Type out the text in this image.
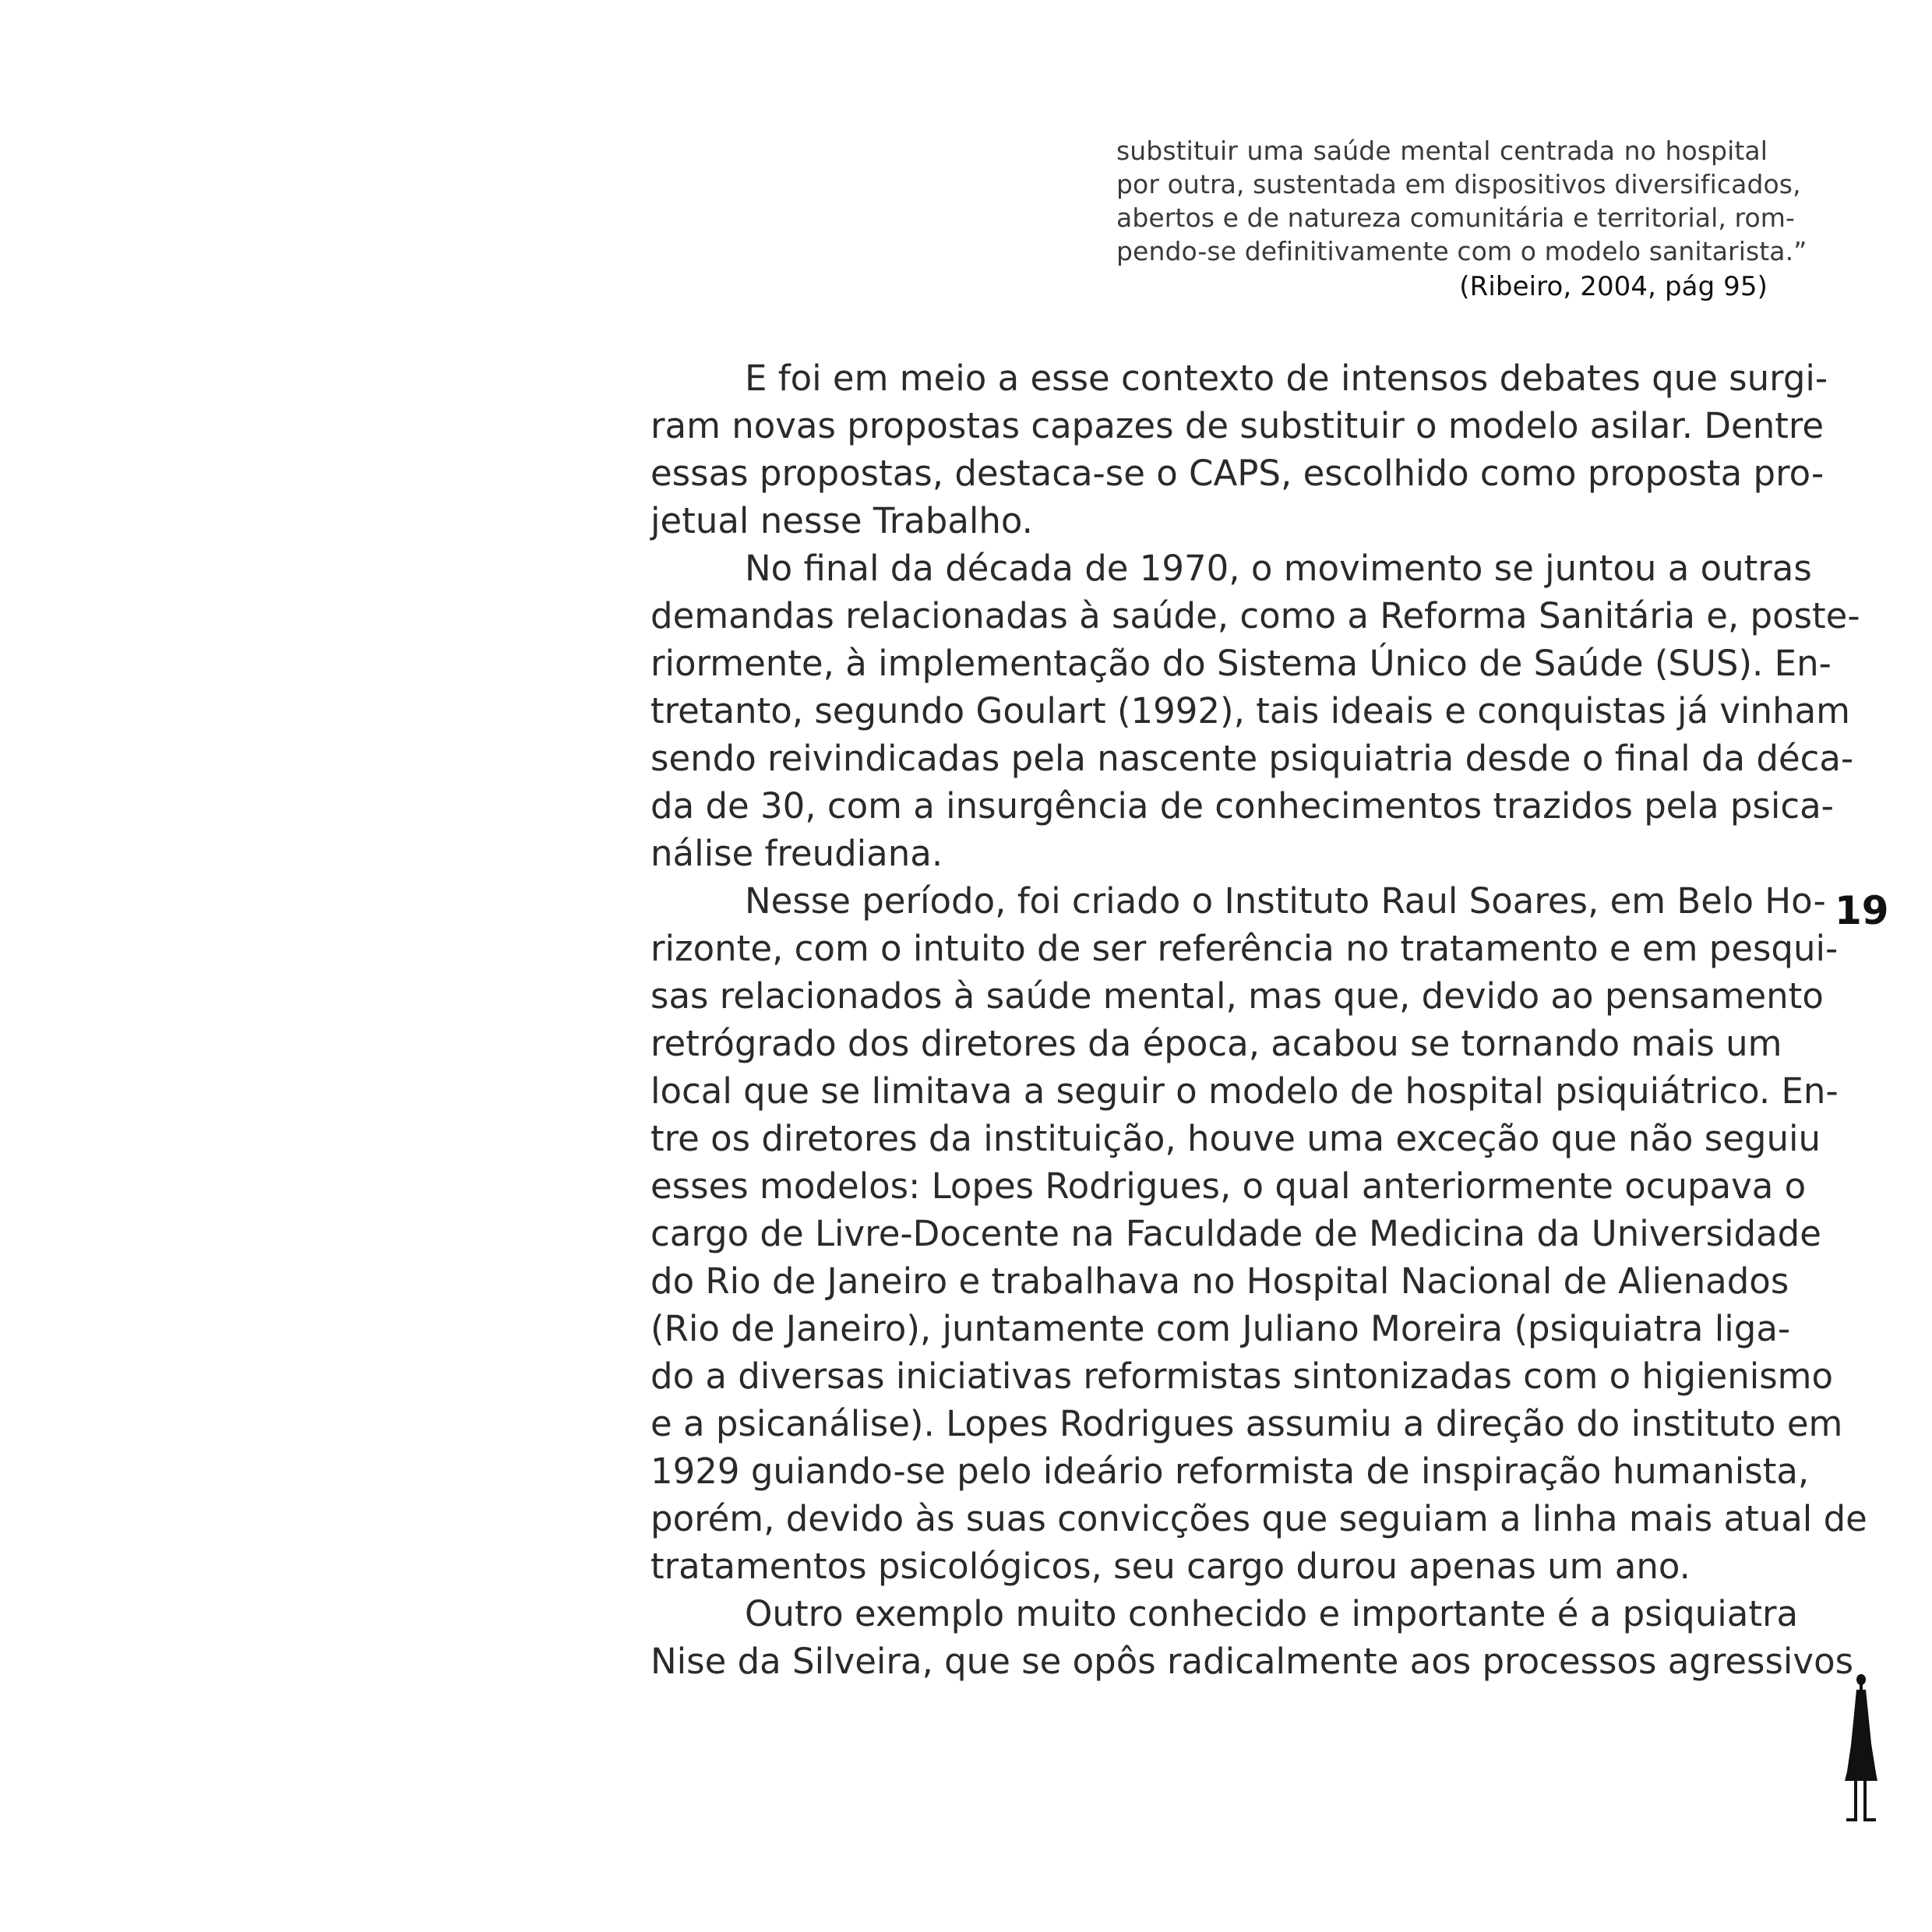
substituir uma saúde mental centrada no hospital
por outra, sustentada em dispositivos diversificados,
abertos e de natureza comunitária e territorial, rom-
pendo-se definitivamente com o modelo sanitarista.”
(Ribeiro, 2004, pág 95)
E foi em meio a esse contexto de intensos debates que surgi-
ram novas propostas capazes de substituir o modelo asilar. Dentre
essas propostas, destaca-se o CAPS, escolhido como proposta pro-
jetual nesse Trabalho.
No final da década de 1970, o movimento se juntou a outras
demandas relacionadas à saúde, como a Reforma Sanitária e, poste-
riormente, à implementação do Sistema Único de Saúde (SUS). En-
tretanto, segundo Goulart (1992), tais ideais e conquistas já vinham
sendo reivindicadas pela nascente psiquiatria desde o final da déca-
da de 30, com a insurgência de conhecimentos trazidos pela psica-
nálise freudiana.
Nesse período, foi criado o Instituto Raul Soares, em Belo Ho-
rizonte, com o intuito de ser referência no tratamento e em pesqui-
sas relacionados à saúde mental, mas que, devido ao pensamento
retrógrado dos diretores da época, acabou se tornando mais um
local que se limitava a seguir o modelo de hospital psiquiátrico. En-
tre os diretores da instituição, houve uma exceção que não seguiu
esses modelos: Lopes Rodrigues, o qual anteriormente ocupava o
cargo de Livre-Docente na Faculdade de Medicina da Universidade
do Rio de Janeiro e trabalhava no Hospital Nacional de Alienados
(Rio de Janeiro), juntamente com Juliano Moreira (psiquiatra liga-
do a diversas iniciativas reformistas sintonizadas com o higienismo
e a psicanálise). Lopes Rodrigues assumiu a direção do instituto em
1929 guiando-se pelo ideário reformista de inspiração humanista,
porém, devido às suas convicções que seguiam a linha mais atual de
tratamentos psicológicos, seu cargo durou apenas um ano.
Outro exemplo muito conhecido e importante é a psiquiatra
Nise da Silveira, que se opôs radicalmente aos processos agressivos
19
